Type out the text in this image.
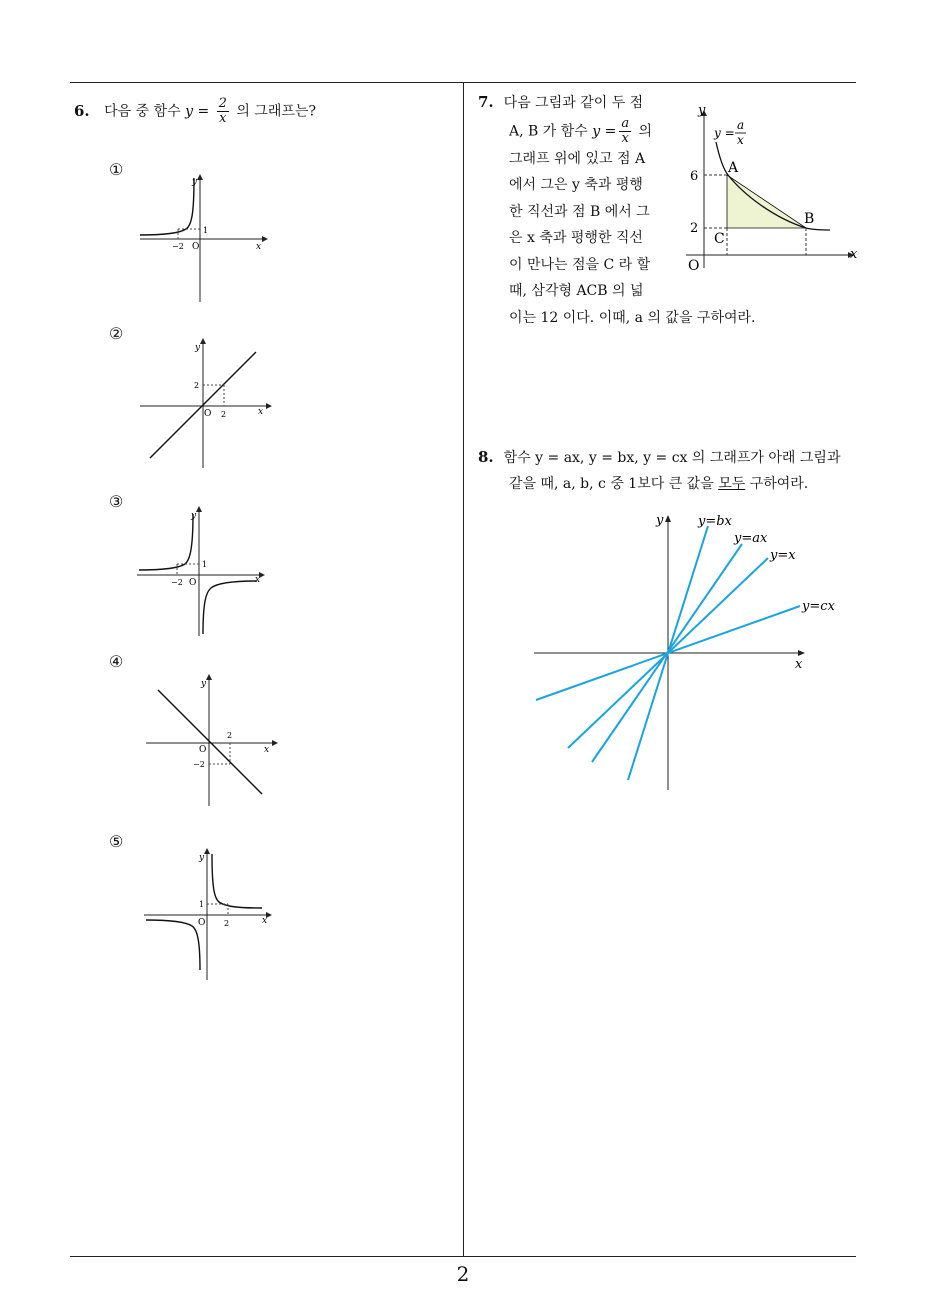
2
6. 다음 중 함수 $y = \frac{2}{x}$ 의 그래프는?
①
y
x
O
−2
1
②
y
x
O 2
2
③
y
x
O
−2
1
④
y
x
O
2
−2
⑤
y
x
O 2
1
7. 다음 그림과 같이 두 점
A, B 가 함수 $y = \frac{a}{x}$ 의
그래프 위에 있고 점 A
에서 그은 y 축과 평행
한 직선과 점 B 에서 그
은 x 축과 평행한 직선
이 만나는 점을 C 라 할
때, 삼각형 ACB 의 넓
이는 12 이다. 이때, a 의 값을 구하여라.
y
x
O
y =
a
x
6
2
A
B
C
8. 함수 y = ax, y = bx, y = cx 의 그래프가 아래 그림과
같을 때, a, b, c 중 1보다 큰 값을 모두 구하여라.
y
x
y=bx
y=ax
y=x
y=cx
